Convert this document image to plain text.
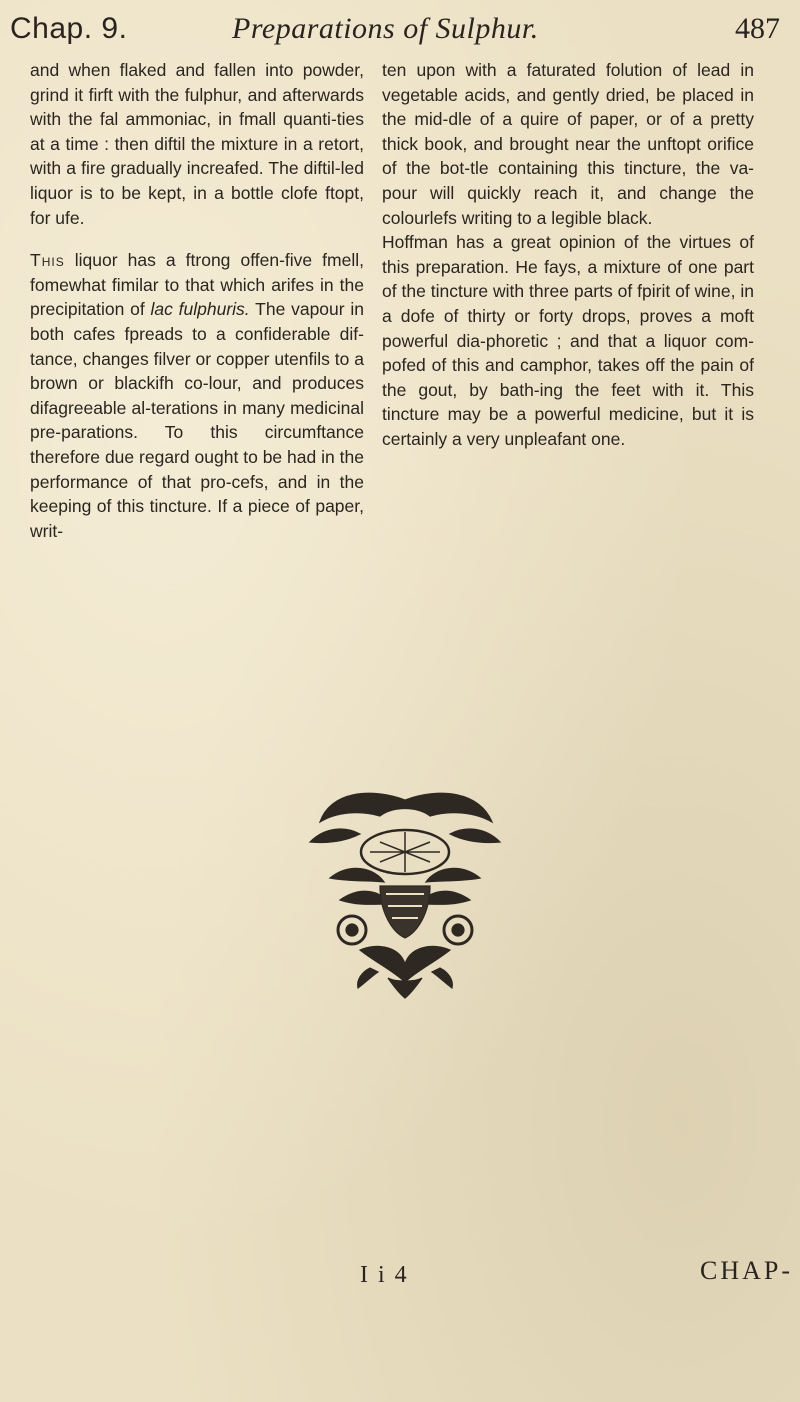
Chap. 9.	Preparations of Sulphur.	487

and when flaked and fallen into powder, grind it firft with the fulphur, and afterwards with the fal ammoniac, in fmall quanti-ties at a time : then diftil the mixture in a retort, with a fire gradually increafed. The diftil-led liquor is to be kept, in a bottle clofe ftopt, for ufe.

This liquor has a ftrong offen-five fmell, fomewhat fimilar to that which arifes in the precipitation of lac fulphuris. The vapour in both cafes fpreads to a confiderable dif-tance, changes filver or copper utenfils to a brown or blackifh co-lour, and produces difagreeable al-terations in many medicinal pre-parations. To this circumftance therefore due regard ought to be had in the performance of that pro-cefs, and in the keeping of this tincture. If a piece of paper, writ-

ten upon with a faturated folution of lead in vegetable acids, and gently dried, be placed in the mid-dle of a quire of paper, or of a pretty thick book, and brought near the unftopt orifice of the bot-tle containing this tincture, the va-pour will quickly reach it, and change the colourlefs writing to a legible black.

Hoffman has a great opinion of the virtues of this preparation. He fays, a mixture of one part of the tincture with three parts of fpirit of wine, in a dofe of thirty or forty drops, proves a moft powerful dia-phoretic ; and that a liquor com-pofed of this and camphor, takes off the pain of the gout, by bath-ing the feet with it. This tincture may be a powerful medicine, but it is certainly a very unpleafant one.

I i 4	CHAP-
